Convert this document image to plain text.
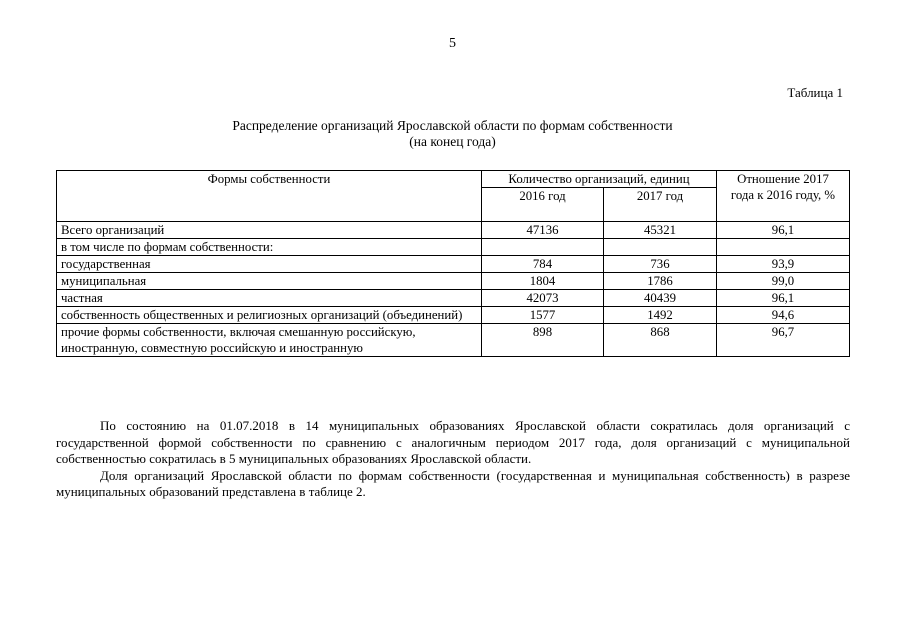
5
Таблица 1
Распределение организаций Ярославской области по формам собственности
(на конец года)
Формы собственности	Количество организаций, единиц		Отношение 2017 года к 2016 году, %
	2016 год	2017 год	
Всего организаций	47136	45321	96,1
в том числе по формам собственности:			
государственная	784	736	93,9
муниципальная	1804	1786	99,0
частная	42073	40439	96,1
собственность общественных и религиозных организаций (объединений)	1577	1492	94,6
прочие формы собственности, включая смешанную российскую, иностранную, совместную российскую и иностранную	898	868	96,7

По состоянию на 01.07.2018 в 14 муниципальных образованиях Ярославской области сократилась доля организаций с государственной формой собственности по сравнению с аналогичным периодом 2017 года, доля организаций с муниципальной собственностью сократилась в 5 муниципальных образованиях Ярославской области.

Доля организаций Ярославской области по формам собственности (государственная и муниципальная собственность) в разрезе муниципальных образований представлена в таблице 2.
